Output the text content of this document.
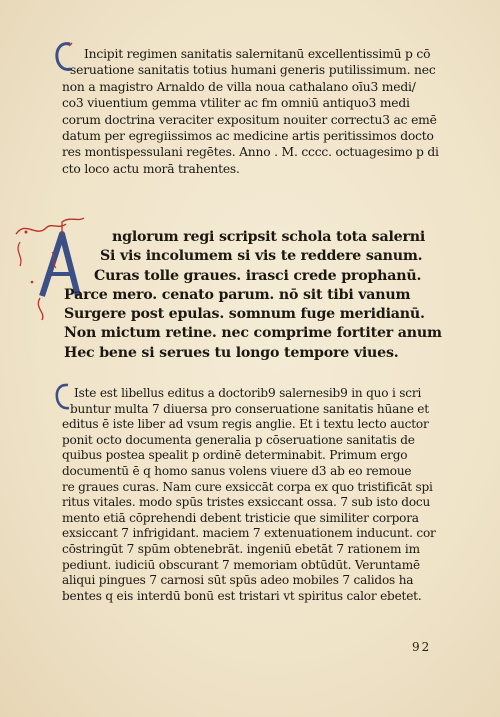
Incipit regimen sanitatis salernitanū excellentissimū p cō
seruatione sanitatis totius humani generis putilissimum. nec
non a magistro Arnaldo de villa noua cathalano oīu3 medi/
co3 viuentium gemma vtiliter ac fm omniū antiquo3 medi
corum doctrina veraciter expositum nouiter correctu3 ac emē
datum per egregiissimos ac medicine artis peritissimos docto
res montispessulani regētes. Anno . M. cccc. octuagesimo p di
cto loco actu morā trahentes.
nglorum regi scripsit schola tota salerni
Si vis incolumem si vis te reddere sanum.
Curas tolle graues. irasci crede prophanū.
Parce mero. cenato parum. nō sit tibi vanum
Surgere post epulas. somnum fuge meridianū.
Non mictum retine. nec comprime fortiter anum
Hec bene si serues tu longo tempore viues.
Iste est libellus editus a doctorib9 salernesib9 in quo i scri
buntur multa 7 diuersa pro conseruatione sanitatis hūane et
editus ē iste liber ad vsum regis anglie. Et i textu lecto auctor
ponit octo documenta generalia p cōseruatione sanitatis de
quibus postea spealit p ordinē determinabit. Primum ergo
documentū ē q homo sanus volens viuere d3 ab eo remoue
re graues curas. Nam cure exsiccāt corpa ex quo tristificāt spi
ritus vitales. modo spūs tristes exsiccant ossa. 7 sub isto docu
mento etiā cōprehendi debent tristicie que similiter corpora
exsiccant 7 infrigidant. maciem 7 extenuationem inducunt. cor
cōstringūt 7 spūm obtenebrāt. ingeniū ebetāt 7 rationem im
pediunt. iudiciū obscurant 7 memoriam obtūdūt. Veruntamē
aliqui pingues 7 carnosi sūt spūs adeo mobiles 7 calidos ha
bentes q eis interdū bonū est tristari vt spiritus calor ebetet.
92
